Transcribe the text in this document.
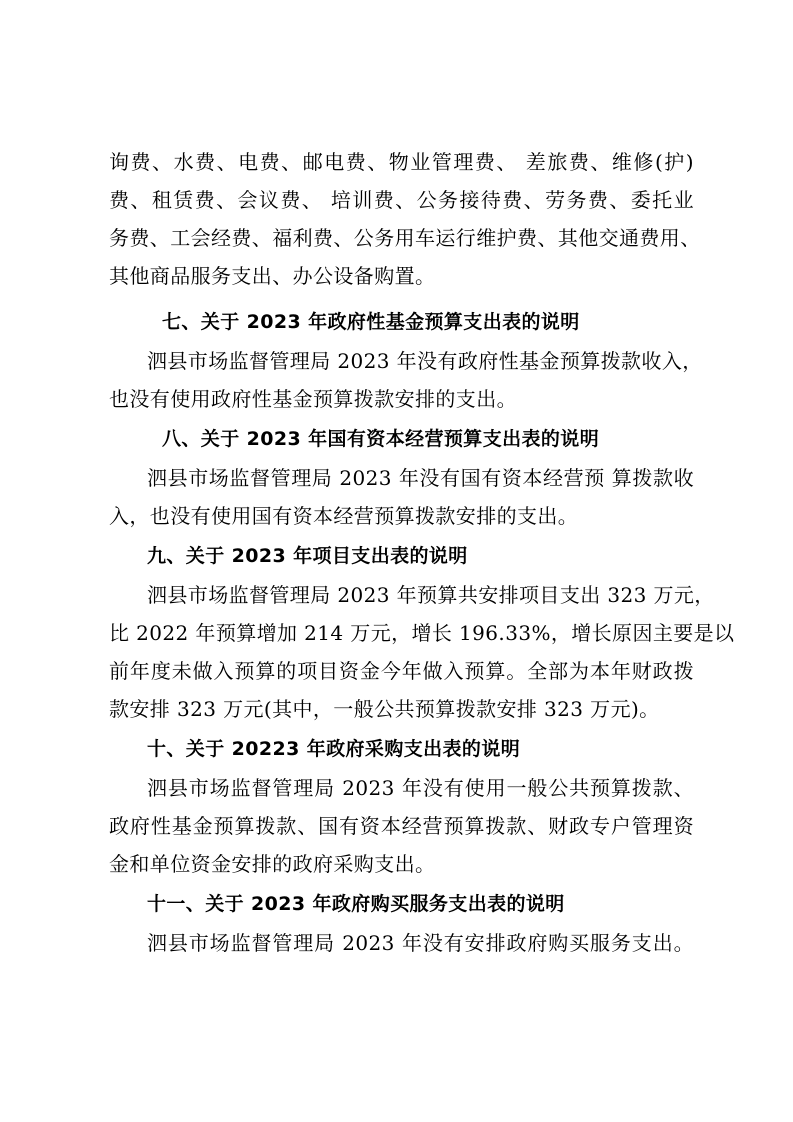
询费、水费、电费、邮电费、物业管理费、 差旅费、维修(护)
费、租赁费、会议费、 培训费、公务接待费、劳务费、委托业
务费、工会经费、福利费、公务用车运行维护费、其他交通费用、
其他商品服务支出、办公设备购置。
七、关于 2023 年政府性基金预算支出表的说明
泗县市场监督管理局 2023 年没有政府性基金预算拨款收入，
也没有使用政府性基金预算拨款安排的支出。
八、关于 2023 年国有资本经营预算支出表的说明
泗县市场监督管理局 2023 年没有国有资本经营预 算拨款收
入，也没有使用国有资本经营预算拨款安排的支出。
九、关于 2023 年项目支出表的说明
泗县市场监督管理局 2023 年预算共安排项目支出 323 万元，
比 2022 年预算增加 214 万元，增长 196.33%，增长原因主要是以
前年度未做入预算的项目资金今年做入预算。全部为本年财政拨
款安排 323 万元(其中，一般公共预算拨款安排 323 万元)。
十、关于 20223 年政府采购支出表的说明
泗县市场监督管理局 2023 年没有使用一般公共预算拨款、
政府性基金预算拨款、国有资本经营预算拨款、财政专户管理资
金和单位资金安排的政府采购支出。
十一、关于 2023 年政府购买服务支出表的说明
泗县市场监督管理局 2023 年没有安排政府购买服务支出。
